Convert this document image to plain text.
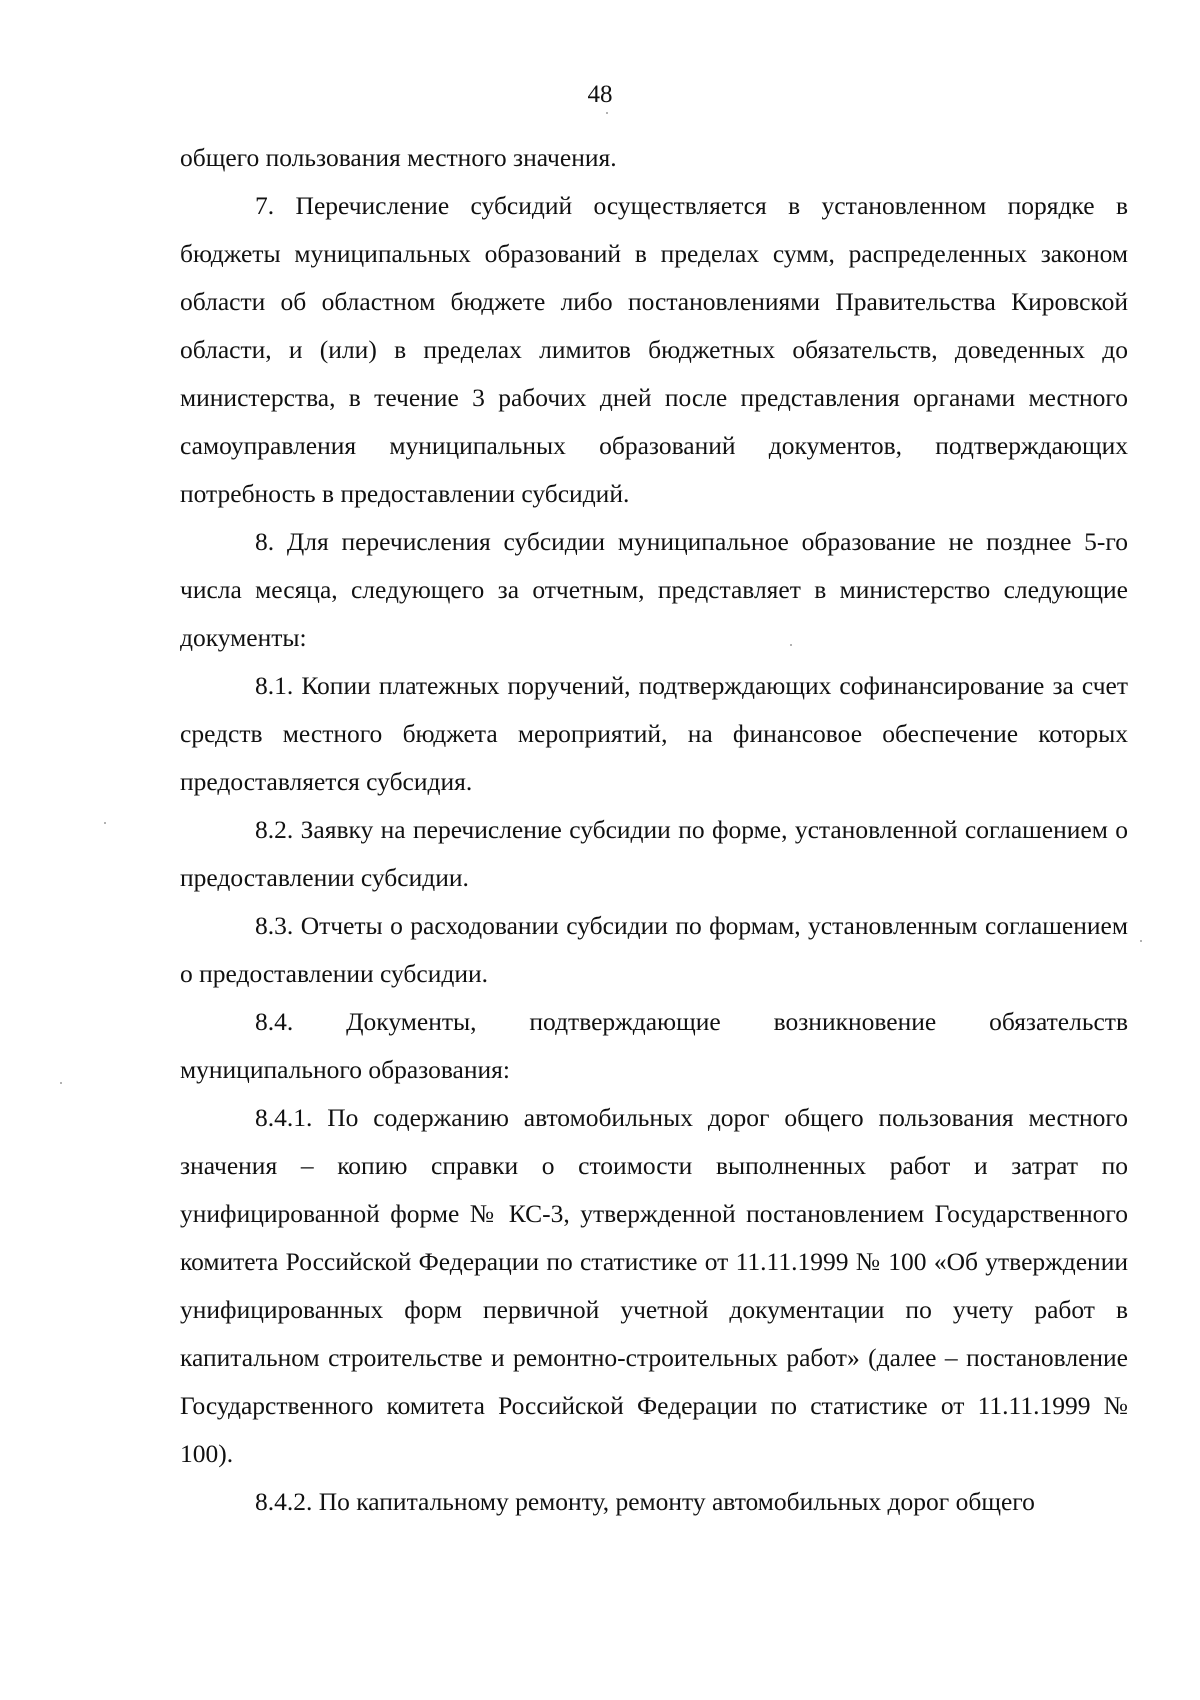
48

общего пользования местного значения.

7. Перечисление субсидий осуществляется в установленном порядке в бюджеты муниципальных образований в пределах сумм, распределенных законом области об областном бюджете либо постановлениями Правительства Кировской области, и (или) в пределах лимитов бюджетных обязательств, доведенных до министерства, в течение 3 рабочих дней после представления органами местного самоуправления муниципальных образований документов, подтверждающих потребность в предоставлении субсидий.

8. Для перечисления субсидии муниципальное образование не позднее 5-го числа месяца, следующего за отчетным, представляет в министерство следующие документы:

8.1. Копии платежных поручений, подтверждающих софинансирование за счет средств местного бюджета мероприятий, на финансовое обеспечение которых предоставляется субсидия.

8.2. Заявку на перечисление субсидии по форме, установленной соглашением о предоставлении субсидии.

8.3. Отчеты о расходовании субсидии по формам, установленным соглашением о предоставлении субсидии.

8.4. Документы, подтверждающие возникновение обязательств муниципального образования:

8.4.1. По содержанию автомобильных дорог общего пользования местного значения – копию справки о стоимости выполненных работ и затрат по унифицированной форме № КС-3, утвержденной постановлением Государственного комитета Российской Федерации по статистике от 11.11.1999 № 100 «Об утверждении унифицированных форм первичной учетной документации по учету работ в капитальном строительстве и ремонтно-строительных работ» (далее – постановление Государственного комитета Российской Федерации по статистике от 11.11.1999 № 100).

8.4.2. По капитальному ремонту, ремонту автомобильных дорог общего
